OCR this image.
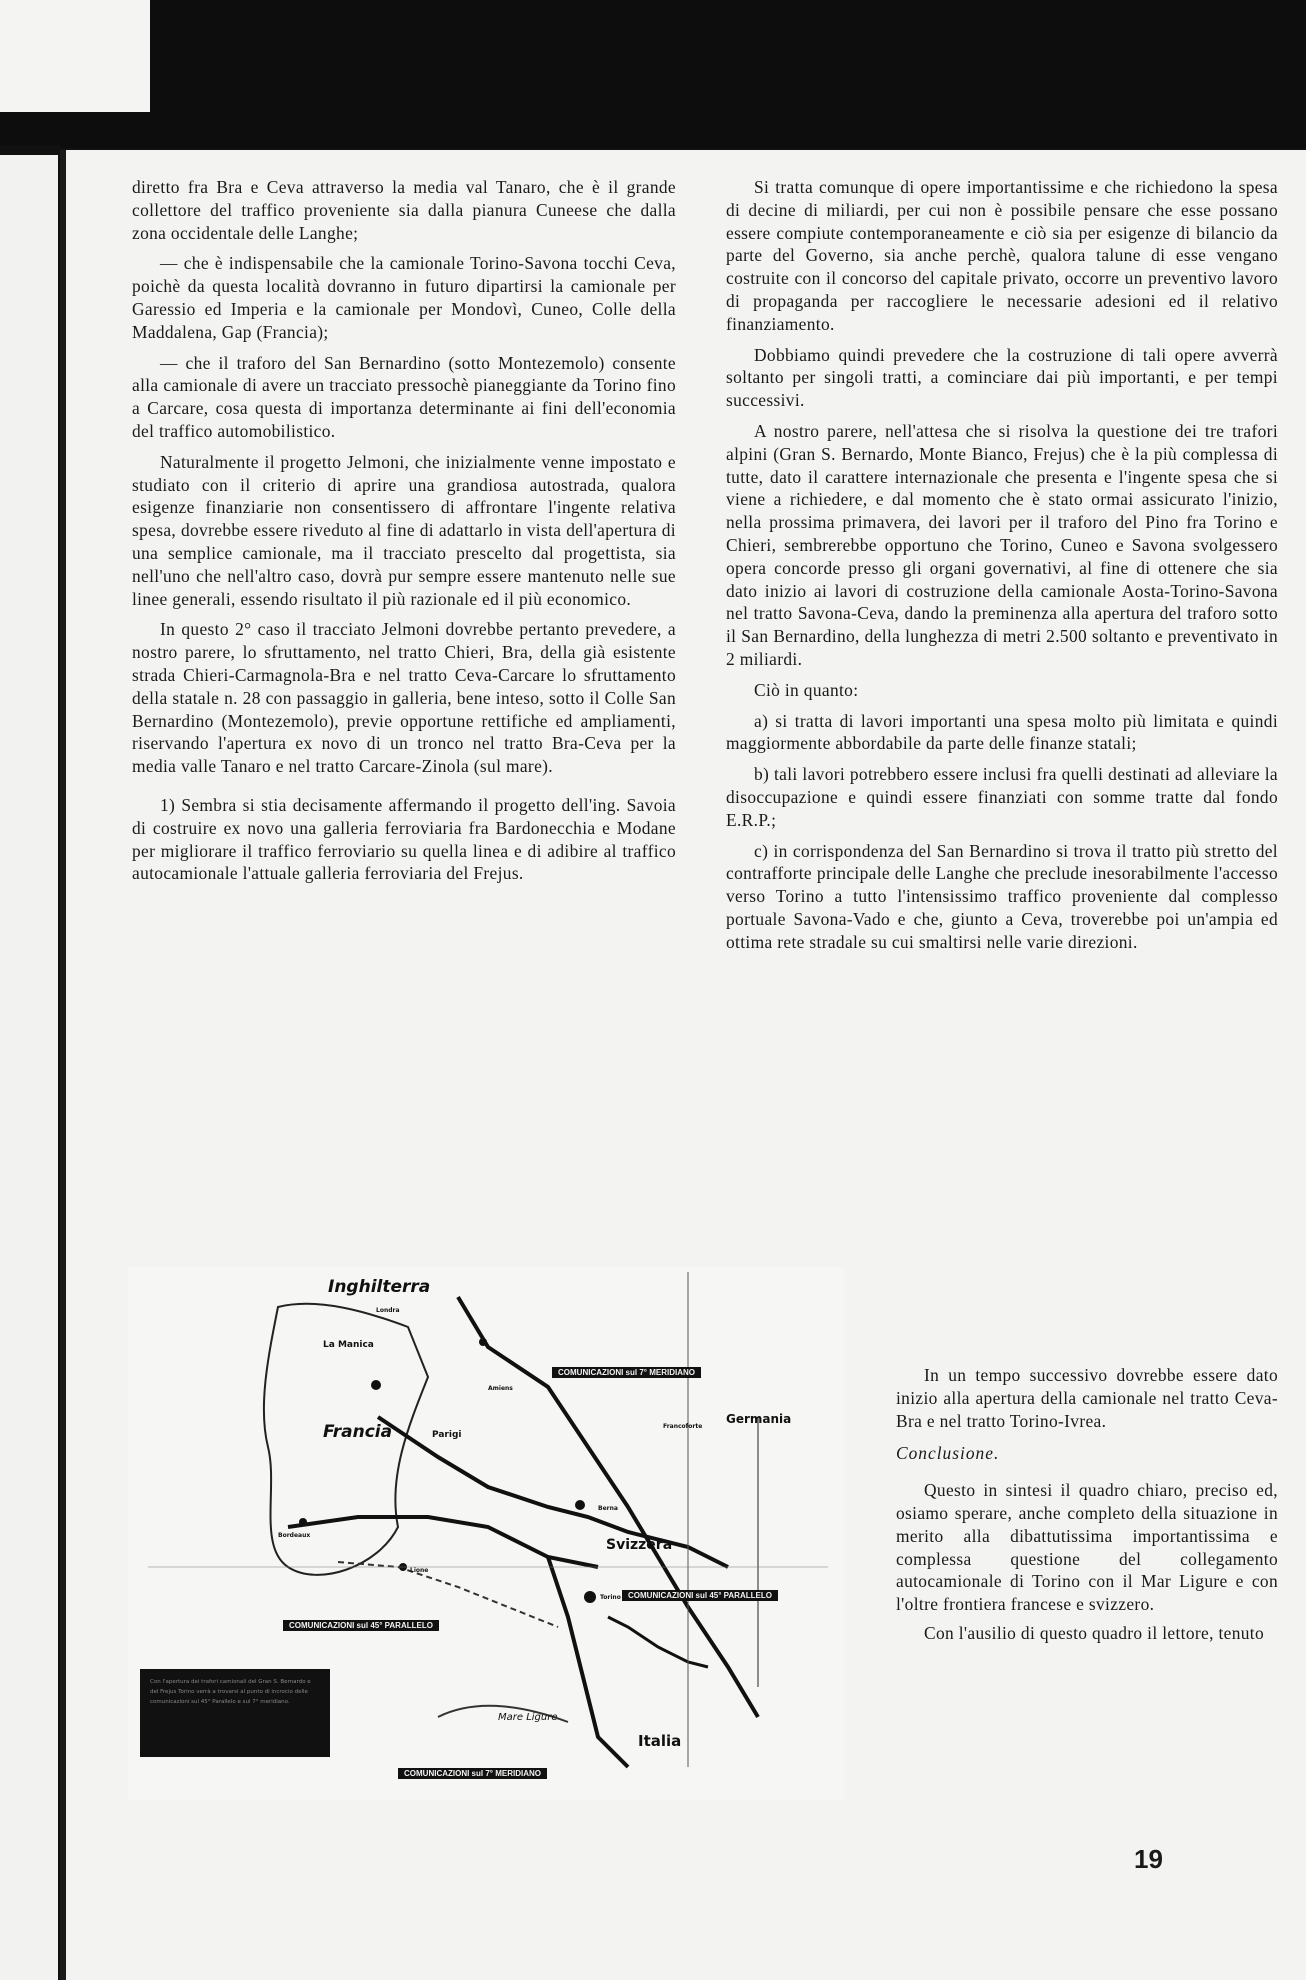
diretto fra Bra e Ceva attraverso la media val Tanaro, che è il grande collettore del traffico proveniente sia dalla pianura Cuneese che dalla zona occidentale delle Langhe;

— che è indispensabile che la camionale Torino-Savona tocchi Ceva, poichè da questa località dovranno in futuro dipartirsi la camionale per Garessio ed Imperia e la camionale per Mondovì, Cuneo, Colle della Maddalena, Gap (Francia);

— che il traforo del San Bernardino (sotto Montezemolo) consente alla camionale di avere un tracciato pressochè pianeggiante da Torino fino a Carcare, cosa questa di importanza determinante ai fini dell'economia del traffico automobilistico.

Naturalmente il progetto Jelmoni, che inizialmente venne impostato e studiato con il criterio di aprire una grandiosa autostrada, qualora esigenze finanziarie non consentissero di affrontare l'ingente relativa spesa, dovrebbe essere riveduto al fine di adattarlo in vista dell'apertura di una semplice camionale, ma il tracciato prescelto dal progettista, sia nell'uno che nell'altro caso, dovrà pur sempre essere mantenuto nelle sue linee generali, essendo risultato il più razionale ed il più economico.

In questo 2° caso il tracciato Jelmoni dovrebbe pertanto prevedere, a nostro parere, lo sfruttamento, nel tratto Chieri, Bra, della già esistente strada Chieri-Carmagnola-Bra e nel tratto Ceva-Carcare lo sfruttamento della statale n. 28 con passaggio in galleria, bene inteso, sotto il Colle San Bernardino (Montezemolo), previe opportune rettifiche ed ampliamenti, riservando l'apertura ex novo di un tronco nel tratto Bra-Ceva per la media valle Tanaro e nel tratto Carcare-Zinola (sul mare).

1) Sembra si stia decisamente affermando il progetto dell'ing. Savoia di costruire ex novo una galleria ferroviaria fra Bardonecchia e Modane per migliorare il traffico ferroviario su quella linea e di adibire al traffico autocamionale l'attuale galleria ferroviaria del Frejus.

Si tratta comunque di opere importantissime e che richiedono la spesa di decine di miliardi, per cui non è possibile pensare che esse possano essere compiute contemporaneamente e ciò sia per esigenze di bilancio da parte del Governo, sia anche perchè, qualora talune di esse vengano costruite con il concorso del capitale privato, occorre un preventivo lavoro di propaganda per raccogliere le necessarie adesioni ed il relativo finanziamento.

Dobbiamo quindi prevedere che la costruzione di tali opere avverrà soltanto per singoli tratti, a cominciare dai più importanti, e per tempi successivi.

A nostro parere, nell'attesa che si risolva la questione dei tre trafori alpini (Gran S. Bernardo, Monte Bianco, Frejus) che è la più complessa di tutte, dato il carattere internazionale che presenta e l'ingente spesa che si viene a richiedere, e dal momento che è stato ormai assicurato l'inizio, nella prossima primavera, dei lavori per il traforo del Pino fra Torino e Chieri, sembrerebbe opportuno che Torino, Cuneo e Savona svolgessero opera concorde presso gli organi governativi, al fine di ottenere che sia dato inizio ai lavori di costruzione della camionale Aosta-Torino-Savona nel tratto Savona-Ceva, dando la preminenza alla apertura del traforo sotto il San Bernardino, della lunghezza di metri 2.500 soltanto e preventivato in 2 miliardi.

Ciò in quanto:

a) si tratta di lavori importanti una spesa molto più limitata e quindi maggiormente abbordabile da parte delle finanze statali;

b) tali lavori potrebbero essere inclusi fra quelli destinati ad alleviare la disoccupazione e quindi essere finanziati con somme tratte dal fondo E.R.P.;

c) in corrispondenza del San Bernardino si trova il tratto più stretto del contrafforte principale delle Langhe che preclude inesorabilmente l'accesso verso Torino a tutto l'intensissimo traffico proveniente dal complesso portuale Savona-Vado e che, giunto a Ceva, troverebbe poi un'ampia ed ottima rete stradale su cui smaltirsi nelle varie direzioni.

In un tempo successivo dovrebbe essere dato inizio alla apertura della camionale nel tratto Ceva-Bra e nel tratto Torino-Ivrea.

Conclusione.

Questo in sintesi il quadro chiaro, preciso ed, osiamo sperare, anche completo della situazione in merito alla dibattutissima importantissima e complessa questione del collegamento autocamionale di Torino con il Mar Ligure e con l'oltre frontiera francese e svizzero.

Con l'ausilio di questo quadro il lettore, tenuto

19
Inghilterra
Londra
La Manica
Francia	Parigi
Amiens
Germania
Francoforte
Svizzera
Berna
Torino
Bordeaux
Lione
Mare Ligure
Italia
COMUNICAZIONI sul 7° MERIDIANO
COMUNICAZIONI sul 45° PARALLELO
COMUNICAZIONI sul 45° PARALLELO
COMUNICAZIONI sul 7° MERIDIANO
Con l'apertura dei trafori camionali del Gran S. Bernardo e del Frejus Torino verrà a trovarsi al punto di incrocio delle comunicazioni sul 45° Parallelo e sul 7° meridiano.
